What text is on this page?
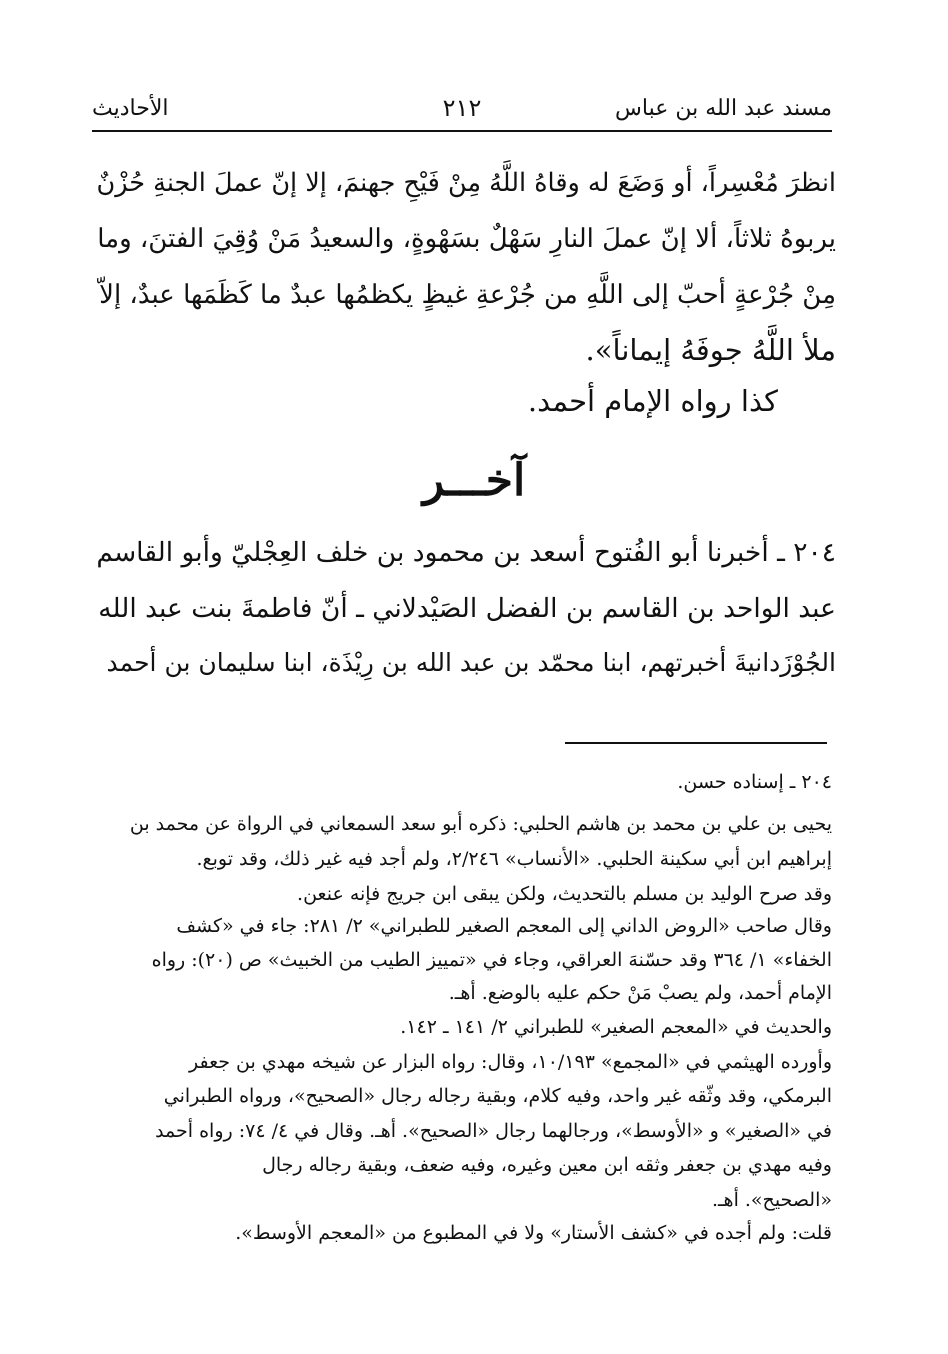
مسند عبد الله بن عباس
٢١٢
الأحاديث
انظرَ مُعْسِراً، أو وَضَعَ له وقاهُ اللَّهُ مِنْ فَيْحِ جهنمَ، إلا إنّ عملَ الجنةِ حُزْنٌ
يربوهُ ثلاثاً، ألا إنّ عملَ النارِ سَهْلٌ بسَهْوةٍ، والسعيدُ مَنْ وُقِيَ الفتنَ، وما
مِنْ جُرْعةٍ أحبّ إلى اللَّهِ من جُرْعةِ غيظٍ يكظمُها عبدٌ ما كَظَمَها عبدٌ، إلاّ
ملأ اللَّهُ جوفَهُ إيماناً».
كذا رواه الإمام أحمد.
آخـــر
٢٠٤ ـ أخبرنا أبو الفُتوح أسعد بن محمود بن خلف العِجْليّ وأبو القاسم
عبد الواحد بن القاسم بن الفضل الصَيْدلاني ـ أنّ فاطمةَ بنت عبد الله
الجُوْزَدانيةَ أخبرتهم، ابنا محمّد بن عبد الله بن رِيْذَة، ابنا سليمان بن أحمد
٢٠٤ ـ إسناده حسن.
يحيى بن علي بن محمد بن هاشم الحلبي: ذكره أبو سعد السمعاني في الرواة عن محمد بن
إبراهيم ابن أبي سكينة الحلبي. «الأنساب» ٢/٢٤٦، ولم أجد فيه غير ذلك، وقد توبع.
وقد صرح الوليد بن مسلم بالتحديث، ولكن يبقى ابن جريج فإنه عنعن.
وقال صاحب «الروض الداني إلى المعجم الصغير للطبراني» ٢/ ٢٨١: جاء في «كشف
الخفاء» ١/ ٣٦٤ وقد حسّنهَ العراقي، وجاء في «تمييز الطيب من الخبيث» ص (٢٠): رواه
الإمام أحمد، ولم يصبْ مَنْ حكم عليه بالوضع. أهـ.
والحديث في «المعجم الصغير» للطبراني ٢/ ١٤١ ـ ١٤٢.
وأورده الهيثمي في «المجمع» ١٠/١٩٣، وقال: رواه البزار عن شيخه مهدي بن جعفر
البرمكي، وقد وثّقه غير واحد، وفيه كلام، وبقية رجاله رجال «الصحيح»، ورواه الطبراني
في «الصغير» و «الأوسط»، ورجالهما رجال «الصحيح». أهـ. وقال في ٤/ ٧٤: رواه أحمد
وفيه مهدي بن جعفر وثقه ابن معين وغيره، وفيه ضعف، وبقية رجاله رجال
«الصحيح». أهـ.
قلت: ولم أجده في «كشف الأستار» ولا في المطبوع من «المعجم الأوسط».
